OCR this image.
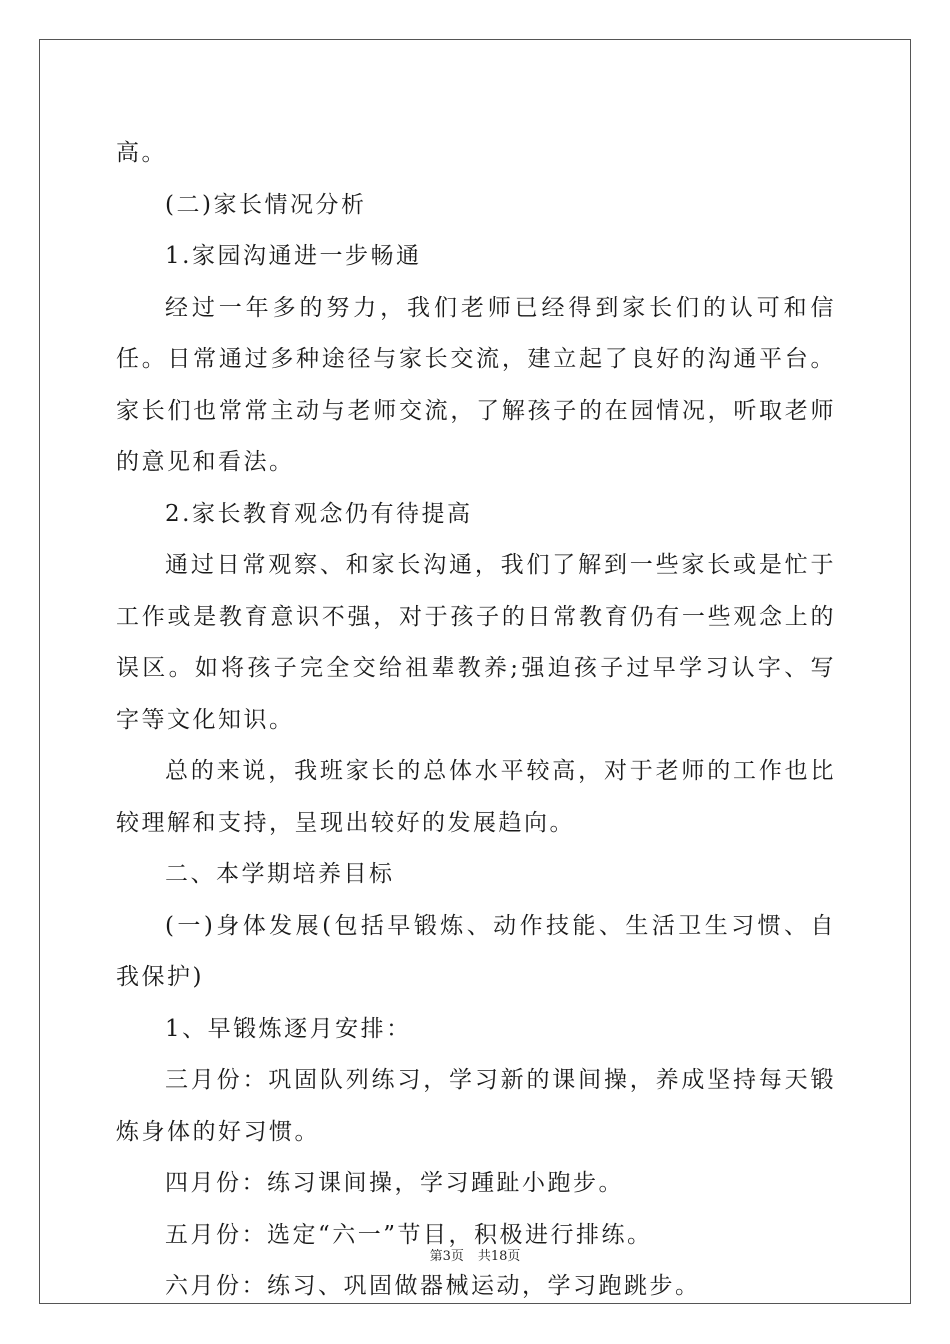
高。

(二)家长情况分析

1.家园沟通进一步畅通

经过一年多的努力，我们老师已经得到家长们的认可和信任。日常通过多种途径与家长交流，建立起了良好的沟通平台。家长们也常常主动与老师交流，了解孩子的在园情况，听取老师的意见和看法。

2.家长教育观念仍有待提高

通过日常观察、和家长沟通，我们了解到一些家长或是忙于工作或是教育意识不强，对于孩子的日常教育仍有一些观念上的误区。如将孩子完全交给祖辈教养;强迫孩子过早学习认字、写字等文化知识。

总的来说，我班家长的总体水平较高，对于老师的工作也比较理解和支持，呈现出较好的发展趋向。

二、本学期培养目标

(一)身体发展(包括早锻炼、动作技能、生活卫生习惯、自我保护)

1、早锻炼逐月安排：

三月份：巩固队列练习，学习新的课间操，养成坚持每天锻炼身体的好习惯。

四月份：练习课间操，学习踵趾小跑步。

五月份：选定“六一”节目，积极进行排练。

六月份：练习、巩固做器械运动，学习跑跳步。

第3页 共18页
